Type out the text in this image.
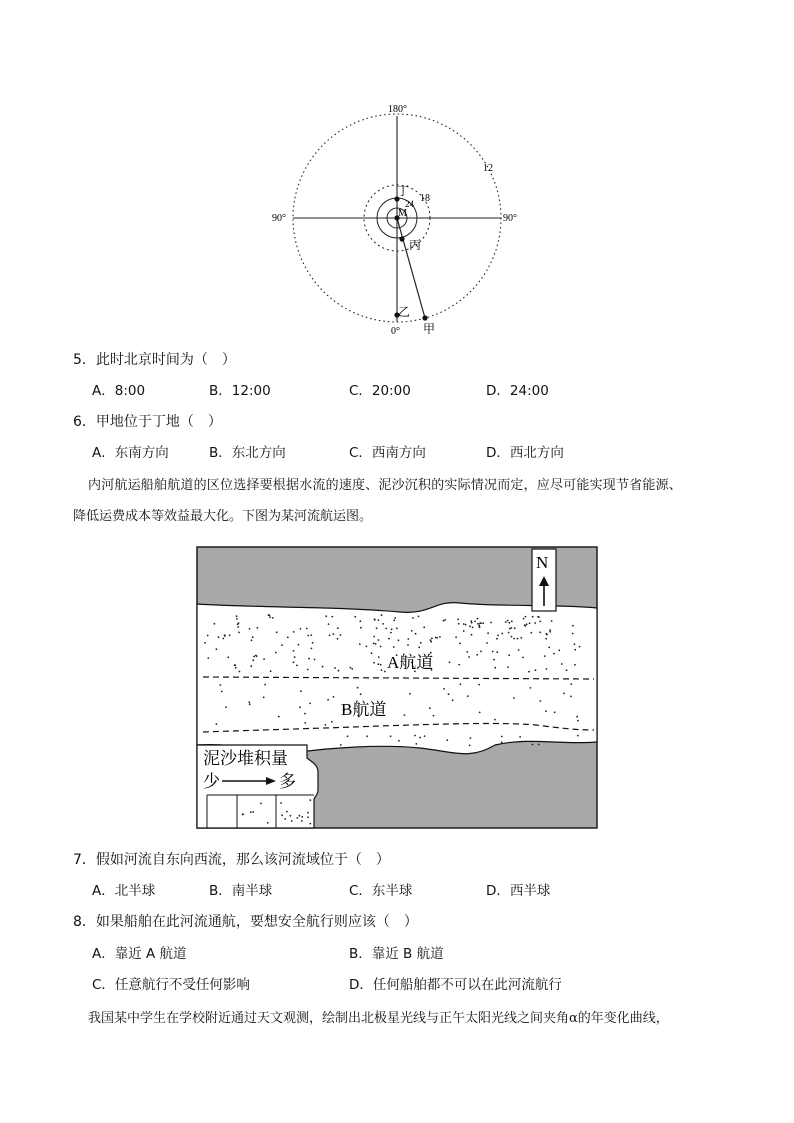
180°
90°	90°
0°
12
18
24
M
丁
丙
乙
甲
5．此时北京时间为（　）
A．8:00	B．12:00	C．20:00	D．24:00
6．甲地位于丁地（　）
A．东南方向	B．东北方向	C．西南方向	D．西北方向
内河航运船舶航道的区位选择要根据水流的速度、泥沙沉积的实际情况而定，应尽可能实现节省能源、
降低运费成本等效益最大化。下图为某河流航运图。
N
A航道
B航道
泥沙堆积量
少	多
7．假如河流自东向西流，那么该河流域位于（　）
A．北半球	B．南半球	C．东半球	D．西半球
8．如果船舶在此河流通航，要想安全航行则应该（　）
A．靠近 A 航道	B．靠近 B 航道
C．任意航行不受任何影响	D．任何船舶都不可以在此河流航行
我国某中学生在学校附近通过天文观测，绘制出北极星光线与正午太阳光线之间夹角α的年变化曲线，
